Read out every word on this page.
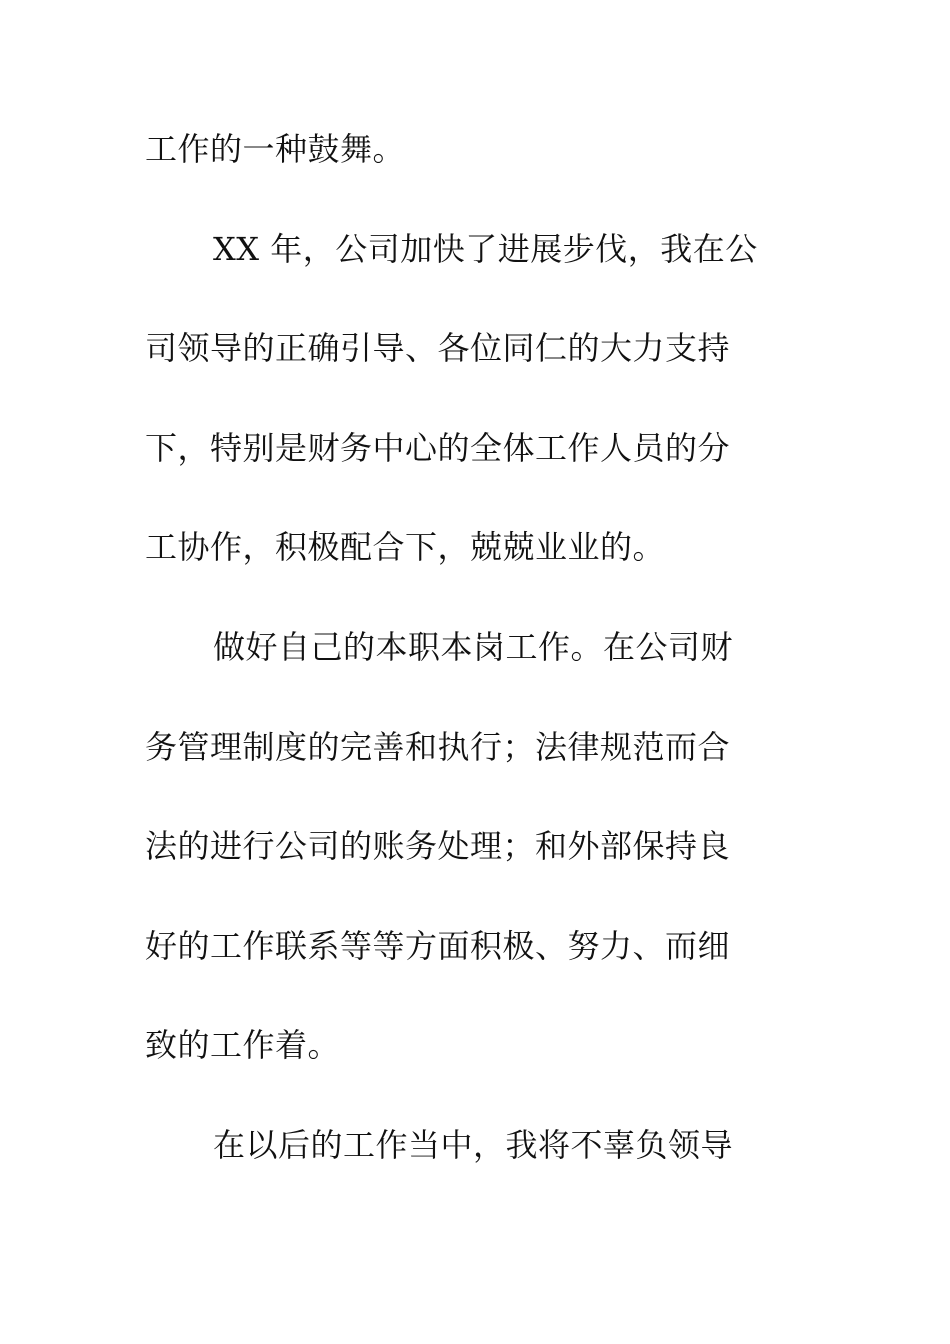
工作的一种鼓舞。
XX 年，公司加快了进展步伐，我在公
司领导的正确引导、各位同仁的大力支持
下，特别是财务中心的全体工作人员的分
工协作，积极配合下，兢兢业业的。
做好自己的本职本岗工作。在公司财
务管理制度的完善和执行；法律规范而合
法的进行公司的账务处理；和外部保持良
好的工作联系等等方面积极、努力、而细
致的工作着。
在以后的工作当中，我将不辜负领导
